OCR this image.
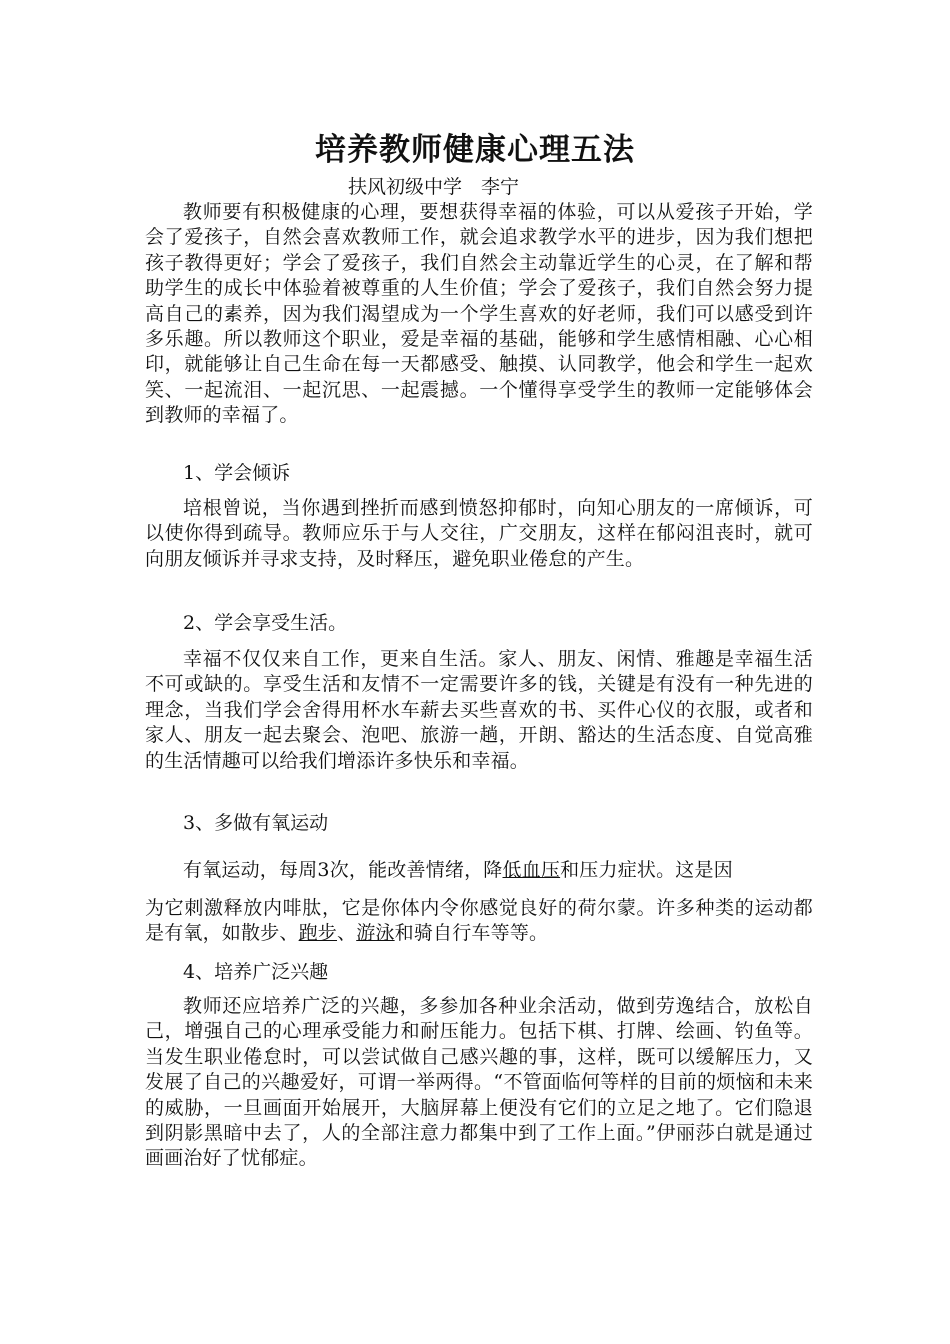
培养教师健康心理五法
扶风初级中学　李宁

教师要有积极健康的心理，要想获得幸福的体验，可以从爱孩子开始，学会了爱孩子，自然会喜欢教师工作，就会追求教学水平的进步，因为我们想把孩子教得更好；学会了爱孩子，我们自然会主动靠近学生的心灵，在了解和帮助学生的成长中体验着被尊重的人生价值；学会了爱孩子，我们自然会努力提高自己的素养，因为我们渴望成为一个学生喜欢的好老师，我们可以感受到许多乐趣。所以教师这个职业，爱是幸福的基础，能够和学生感情相融、心心相印，就能够让自己生命在每一天都感受、触摸、认同教学，他会和学生一起欢笑、一起流泪、一起沉思、一起震撼。一个懂得享受学生的教师一定能够体会到教师的幸福了。

1、学会倾诉

培根曾说，当你遇到挫折而感到愤怒抑郁时，向知心朋友的一席倾诉，可以使你得到疏导。教师应乐于与人交往，广交朋友，这样在郁闷沮丧时，就可向朋友倾诉并寻求支持，及时释压，避免职业倦怠的产生。

2、学会享受生活。

幸福不仅仅来自工作，更来自生活。家人、朋友、闲情、雅趣是幸福生活不可或缺的。享受生活和友情不一定需要许多的钱，关键是有没有一种先进的理念，当我们学会舍得用杯水车薪去买些喜欢的书、买件心仪的衣服，或者和家人、朋友一起去聚会、泡吧、旅游一趟，开朗、豁达的生活态度、自觉高雅的生活情趣可以给我们增添许多快乐和幸福。

3、多做有氧运动

有氧运动，每周3次，能改善情绪，降低血压和压力症状。这是因

为它刺激释放内啡肽，它是你体内令你感觉良好的荷尔蒙。许多种类的运动都是有氧，如散步、跑步、游泳和骑自行车等等。

4、培养广泛兴趣

教师还应培养广泛的兴趣，多参加各种业余活动，做到劳逸结合，放松自己，增强自己的心理承受能力和耐压能力。包括下棋、打牌、绘画、钓鱼等。当发生职业倦怠时，可以尝试做自己感兴趣的事，这样，既可以缓解压力，又发展了自己的兴趣爱好，可谓一举两得。“不管面临何等样的目前的烦恼和未来的威胁，一旦画面开始展开，大脑屏幕上便没有它们的立足之地了。它们隐退到阴影黑暗中去了，人的全部注意力都集中到了工作上面。”伊丽莎白就是通过画画治好了忧郁症。
